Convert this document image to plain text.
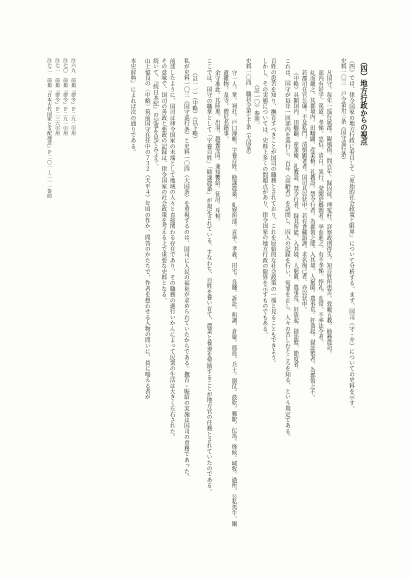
（四）地方行政からの視点

（四）では、律令国家の地方行政に着目して「原始的社会政策と限界」について分析する。まず、国司（守・介）についての史料を示す。

史料一〇三　戸令第卅三条（国守巡行条）

凡国守。毎年一巡行属郡。観風俗。問百年。録囚徒。理冤枉。詳察政刑得失。知百姓所患苦。敦喩五教。勧務農功。

部内有好学。篤道。孝悌。忠信。清白。異行。発聞於郷閭者。挙而進之。有不孝悌。悖礼。乱常。不率法令者。

糺而縄之。其郡境内。田疇闢。産業脩。礼教設。禁令行者。為郡領之能。入其境。人窮匱。農事荒。奸盗起。獄訟繁者。為郡領之不。

若郡司在官公廉。不及私門。清慎顕著者。国司具以状申。若有貪穢諂諛。求名徇己者。亦以状申。

（中略）具顕国内、田疇闢、産業脩、礼教設、禁令行者、録其所能、入其境、人窮匱、農事荒、奸盗起、獄訟繁、節度者、

これは、国守が毎年一回部内を巡行し、百年（高齢者）を訪問し、囚人の記録を行い、冤罪を正し、人々の苦しむところを知る、という規定である。

百姓の患苦を知り、撫育すべきことが国司の職務とされており、これを原始的な社会政策の一端と見ることもできよう。

しかし、その実態については、史料上多くの問題点があり、律令国家の地方行政の限界を示すものでもある。

（註一〇）参照。

史料一〇四　職員令第七十条（大国条）

守一人。掌。祠社。戸口簿帳。字養百姓。勧課農桑。糺察所部。貢挙。孝義。田宅。良賤。訴訟。租調。倉廩。徭役。兵士。器仗。鼓吹。郵駅。伝馬。烽候。城牧。過所。公私馬牛。闌遺雑物。及寺。僧尼名籍事。

余守准此。其陸奥。出羽。越後等国。兼知饗給。征討。斥候。

ここでは、国守の職掌として「字養百姓」「勧課農桑」が規定されている。すなわち、百姓を養い育て、農業と養蚕を奨励することが地方官の任務とされていたのである。

（註一一）（中略）（以下略）

私が史料一〇三（国守巡行条）と史料一〇四（大国条）を重視するのは、国司に人民の福祉が求められていたからである。撫育・賑給の実施は国司の責務であった。

前述したように、国司は律令国家の末端として地域の人々と直接関わる存在であり、その職務の遂行いかんによって民衆の生活は大きく左右された。

その意味で、国司の善政と悪政の記録は、律令国家の社会政策を考える上で重要な史料となる。

続いて、『続日本紀』の記事を見てみよう。

山上憶良の〈中略〉筑前国守在任中の７３２（天平４）年頃の作か。問答のかたちで、作者を想わせる人物の問いに、貧に喘える者が

本史辞典』によれば次の通りである。

注六九 前掲『律令』Ｐ二九二引用
注七〇 前掲『律令』Ｐ二九一引用
注七一 前掲『律令』Ｐ二三六引用
注七二 前掲『日本古代国家と支配理念』Ｐ二〇一〜二一一参照
